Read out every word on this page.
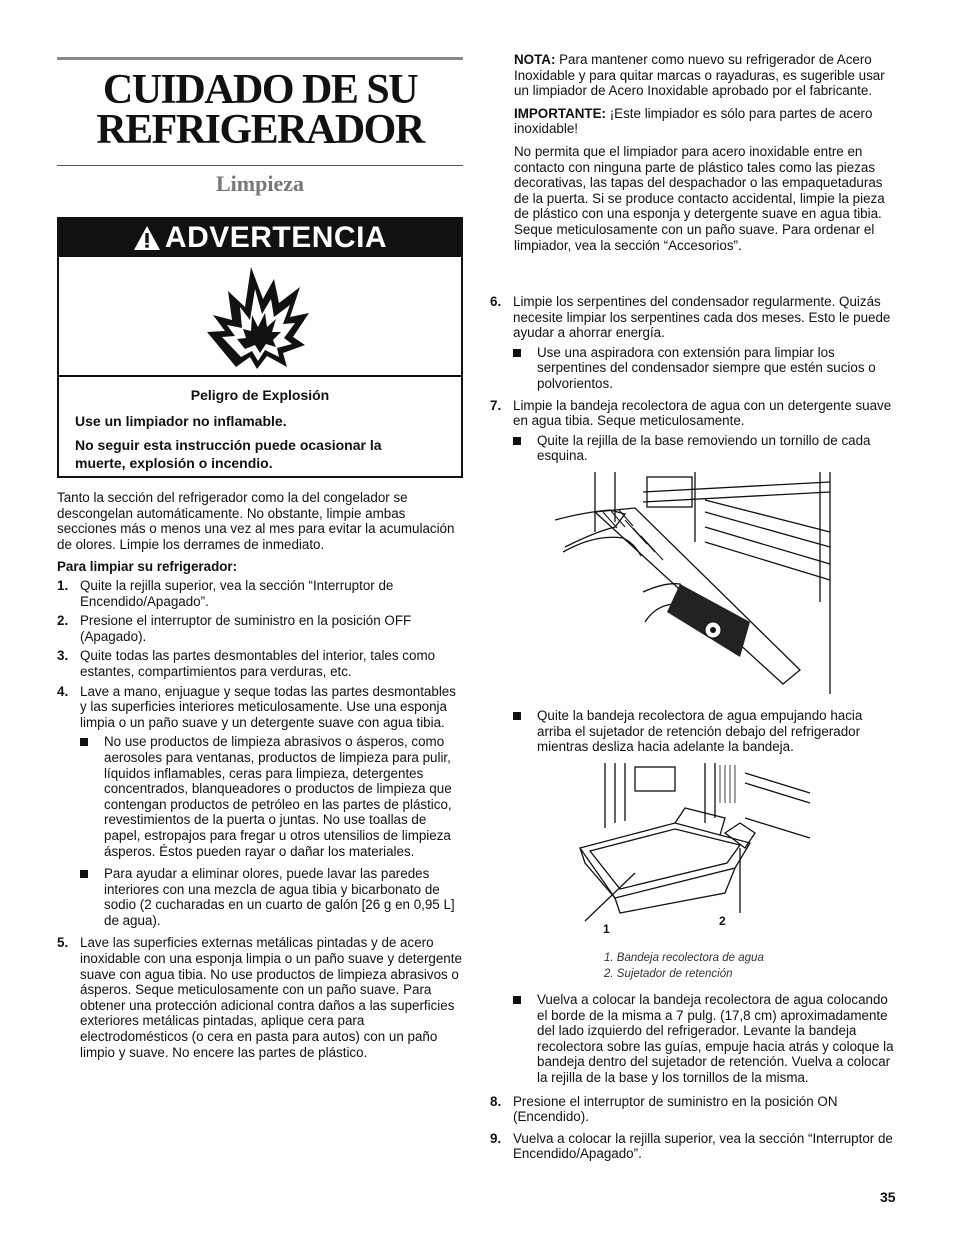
CUIDADO DE SU
REFRIGERADOR
Limpieza
ADVERTENCIA
Peligro de Explosión

Use un limpiador no inflamable.

No seguir esta instrucción puede ocasionar la muerte, explosión o incendio.

Tanto la sección del refrigerador como la del congelador se descongelan automáticamente. No obstante, limpie ambas secciones más o menos una vez al mes para evitar la acumulación de olores. Limpie los derrames de inmediato.

Para limpiar su refrigerador:
1. Quite la rejilla superior, vea la sección “Interruptor de Encendido/Apagado”.
2. Presione el interruptor de suministro en la posición OFF (Apagado).
3. Quite todas las partes desmontables del interior, tales como estantes, compartimientos para verduras, etc.
4. Lave a mano, enjuague y seque todas las partes desmontables y las superficies interiores meticulosamente. Use una esponja limpia o un paño suave y un detergente suave con agua tibia.
No use productos de limpieza abrasivos o ásperos, como aerosoles para ventanas, productos de limpieza para pulir, líquidos inflamables, ceras para limpieza, detergentes concentrados, blanqueadores o productos de limpieza que contengan productos de petróleo en las partes de plástico, revestimientos de la puerta o juntas. No use toallas de papel, estropajos para fregar u otros utensilios de limpieza ásperos. Éstos pueden rayar o dañar los materiales.
Para ayudar a eliminar olores, puede lavar las paredes interiores con una mezcla de agua tibia y bicarbonato de sodio (2 cucharadas en un cuarto de galón [26 g en 0,95 L] de agua).
5. Lave las superficies externas metálicas pintadas y de acero inoxidable con una esponja limpia o un paño suave y detergente suave con agua tibia. No use productos de limpieza abrasivos o ásperos. Seque meticulosamente con un paño suave. Para obtener una protección adicional contra daños a las superficies exteriores metálicas pintadas, aplique cera para electrodomésticos (o cera en pasta para autos) con un paño limpio y suave. No encere las partes de plástico.

NOTA: Para mantener como nuevo su refrigerador de Acero Inoxidable y para quitar marcas o rayaduras, es sugerible usar un limpiador de Acero Inoxidable aprobado por el fabricante.

IMPORTANTE: ¡Este limpiador es sólo para partes de acero inoxidable!

No permita que el limpiador para acero inoxidable entre en contacto con ninguna parte de plástico tales como las piezas decorativas, las tapas del despachador o las empaquetaduras de la puerta. Si se produce contacto accidental, limpie la pieza de plástico con una esponja y detergente suave en agua tibia. Seque meticulosamente con un paño suave. Para ordenar el limpiador, vea la sección “Accesorios”.

6. Limpie los serpentines del condensador regularmente. Quizás necesite limpiar los serpentines cada dos meses. Esto le puede ayudar a ahorrar energía.
Use una aspiradora con extensión para limpiar los serpentines del condensador siempre que estén sucios o polvorientos.
7. Limpie la bandeja recolectora de agua con un detergente suave en agua tibia. Seque meticulosamente.
Quite la rejilla de la base removiendo un tornillo de cada esquina.
Quite la bandeja recolectora de agua empujando hacia arriba el sujetador de retención debajo del refrigerador mientras desliza hacia adelante la bandeja.
1
2
1. Bandeja recolectora de agua
2. Sujetador de retención
Vuelva a colocar la bandeja recolectora de agua colocando el borde de la misma a 7 pulg. (17,8 cm) aproximadamente del lado izquierdo del refrigerador. Levante la bandeja recolectora sobre las guías, empuje hacia atrás y coloque la bandeja dentro del sujetador de retención. Vuelva a colocar la rejilla de la base y los tornillos de la misma.
8. Presione el interruptor de suministro en la posición ON (Encendido).
9. Vuelva a colocar la rejilla superior, vea la sección “Interruptor de Encendido/Apagado”.
35
